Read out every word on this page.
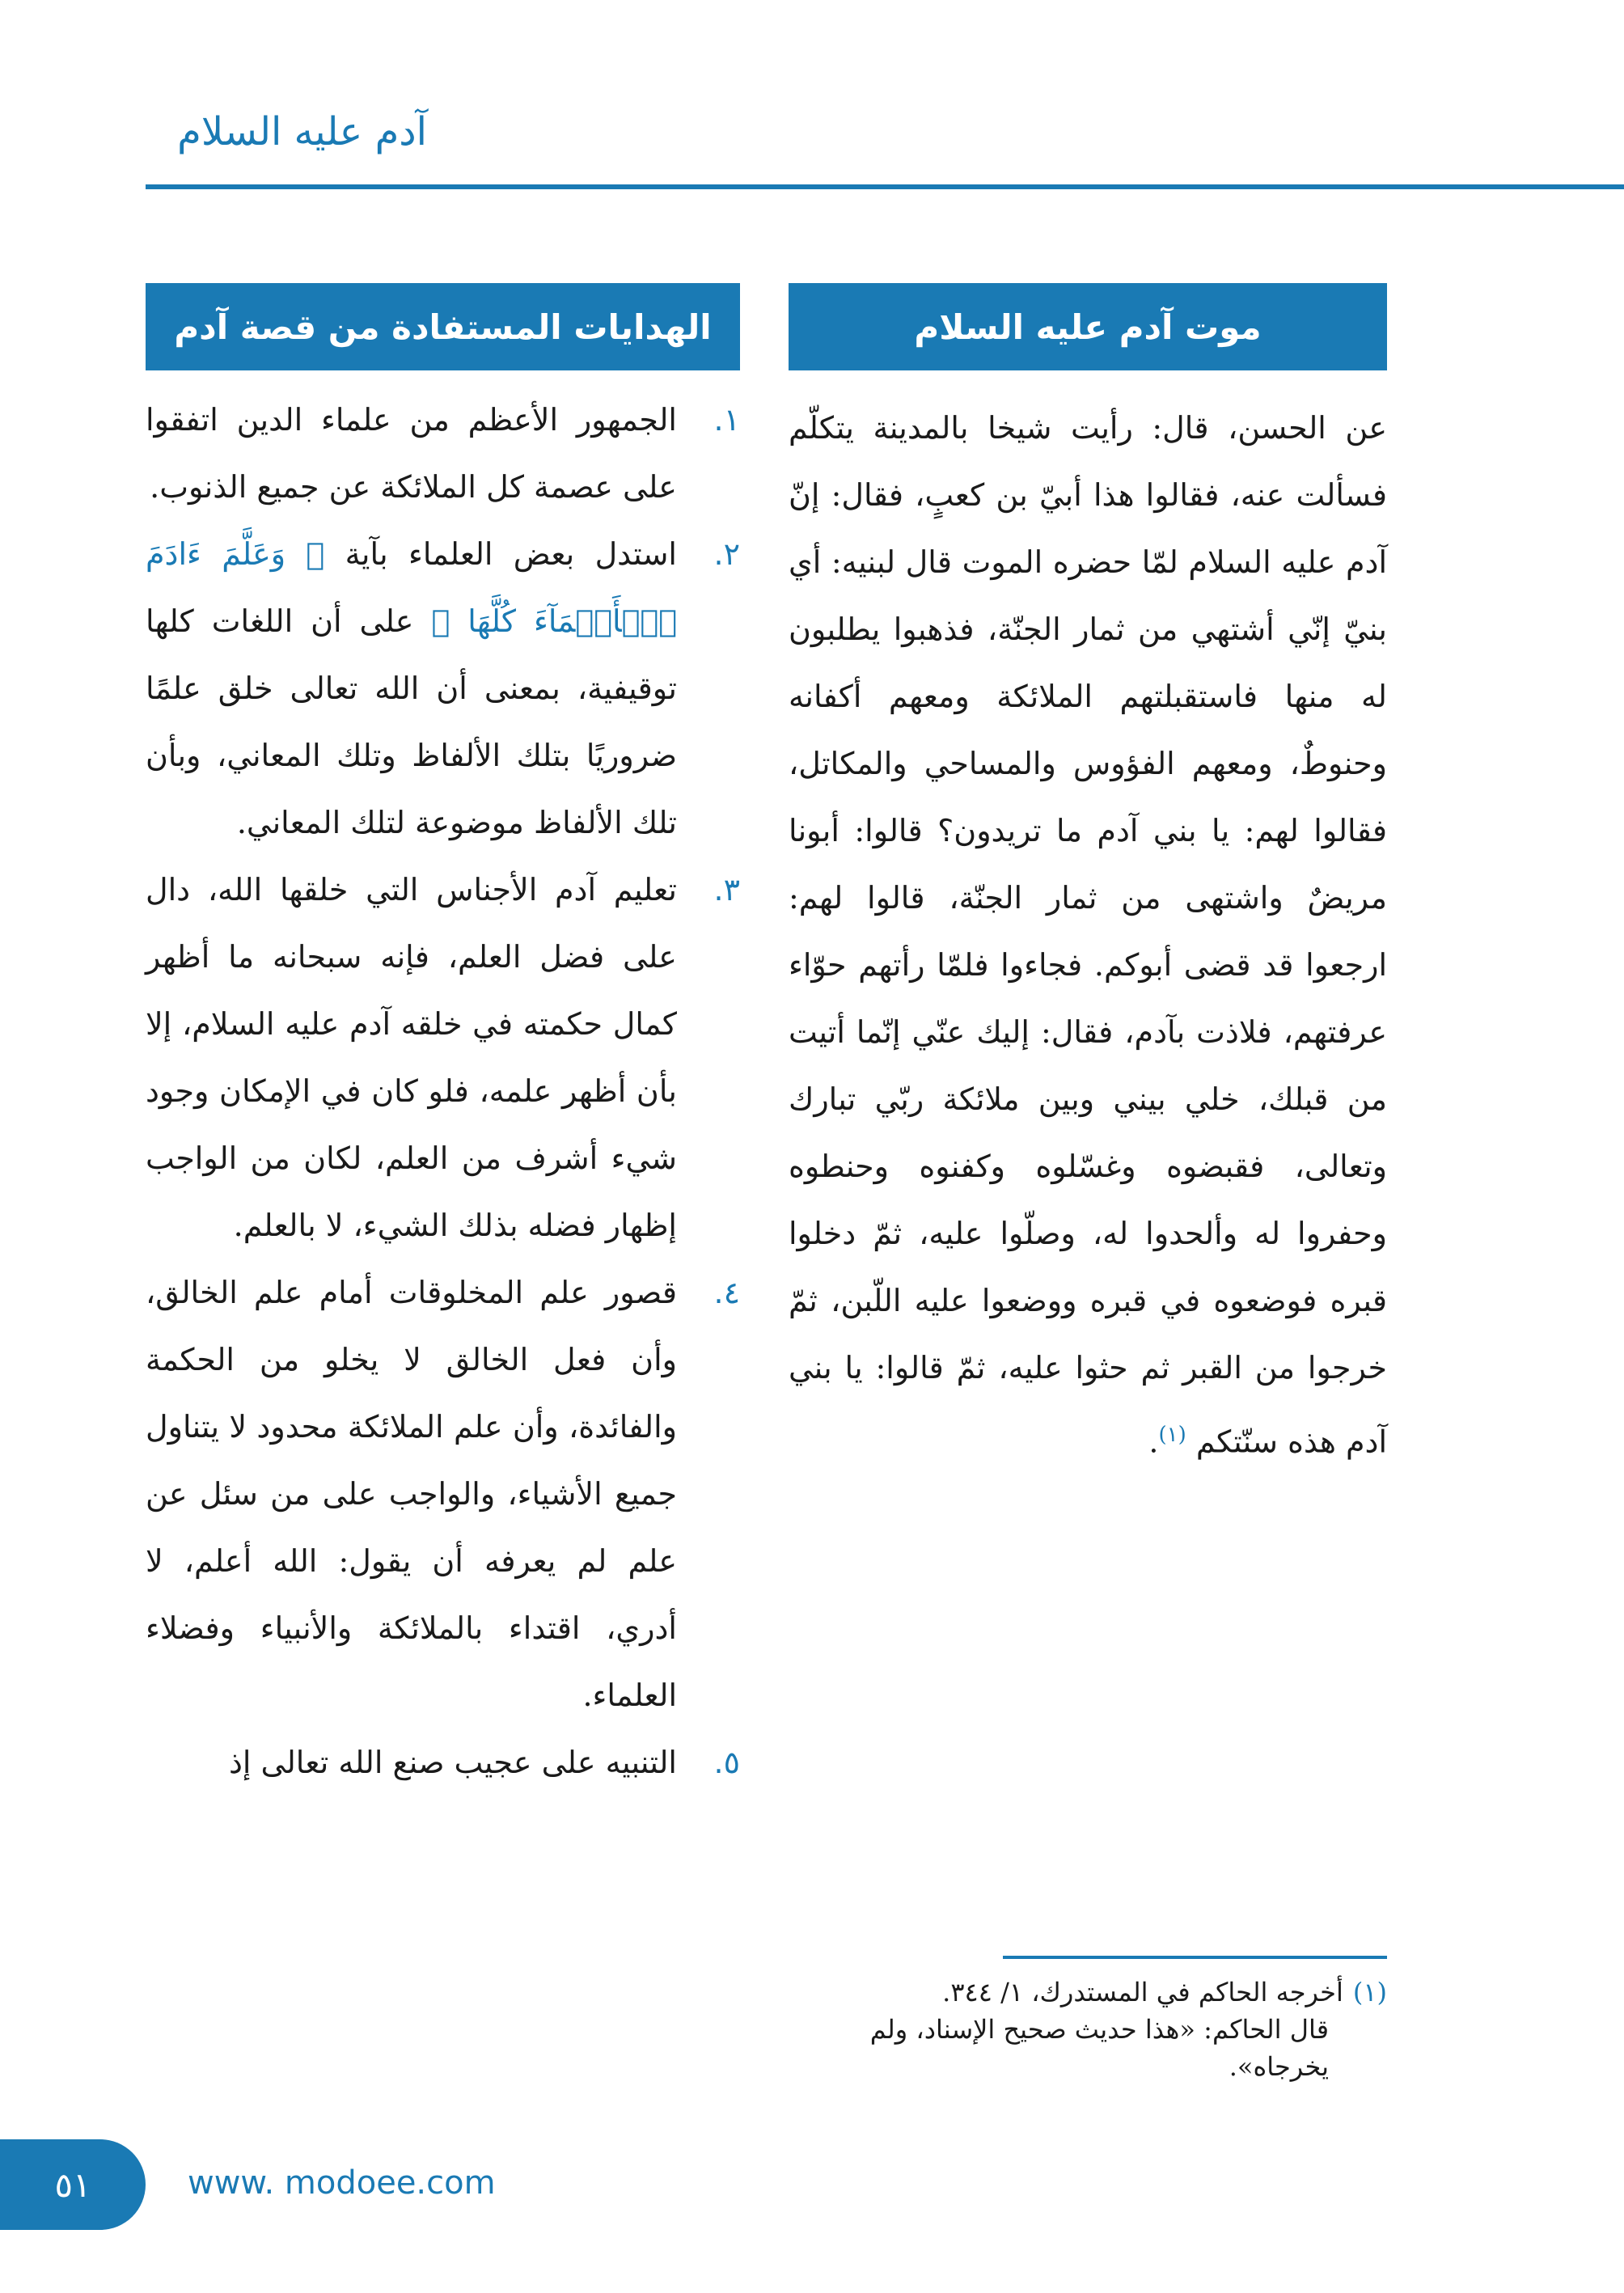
آدم عليه السلام
موت آدم عليه السلام

عن الحسن، قال: رأيت شيخا بالمدينة يتكلّم فسألت عنه، فقالوا هذا أبيّ بن كعبٍ، فقال: إنّ آدم عليه السلام لمّا حضره الموت قال لبنيه: أي بنيّ إنّي أشتهي من ثمار الجنّة، فذهبوا يطلبون له منها فاستقبلتهم الملائكة ومعهم أكفانه وحنوطٌ، ومعهم الفؤوس والمساحي والمكاتل، فقالوا لهم: يا بني آدم ما تريدون؟ قالوا: أبونا مريضٌ واشتهى من ثمار الجنّة، قالوا لهم: ارجعوا قد قضى أبوكم. فجاءوا فلمّا رأتهم حوّاء عرفتهم، فلاذت بآدم، فقال: إليك عنّي إنّما أتيت من قبلك، خلي بيني وبين ملائكة ربّي تبارك وتعالى، فقبضوه وغسّلوه وكفنوه وحنطوه وحفروا له وألحدوا له، وصلّوا عليه، ثمّ دخلوا قبره فوضعوه في قبره ووضعوا عليه اللّبن، ثمّ خرجوا من القبر ثم حثوا عليه، ثمّ قالوا: يا بني آدم هذه سنّتكم $^{(١)}$.

الهدايات المستفادة من قصة آدم
١.
الجمهور الأعظم من علماء الدين اتفقوا على عصمة كل الملائكة عن جميع الذنوب.
٢.
استدل بعض العلماء بآية ﴿ وَعَلَّمَ ءَادَمَ ٱلۡأَسۡمَآءَ كُلَّهَا ﴾ على أن اللغات كلها توقيفية، بمعنى أن الله تعالى خلق علمًا ضروريًا بتلك الألفاظ وتلك المعاني، وبأن تلك الألفاظ موضوعة لتلك المعاني.
٣.
تعليم آدم الأجناس التي خلقها الله، دال على فضل العلم، فإنه سبحانه ما أظهر كمال حكمته في خلقه آدم عليه السلام، إلا بأن أظهر علمه، فلو كان في الإمكان وجود شيء أشرف من العلم، لكان من الواجب إظهار فضله بذلك الشيء، لا بالعلم.
٤.
قصور علم المخلوقات أمام علم الخالق، وأن فعل الخالق لا يخلو من الحكمة والفائدة، وأن علم الملائكة محدود لا يتناول جميع الأشياء، والواجب على من سئل عن علم لم يعرفه أن يقول: الله أعلم، لا أدري، اقتداء بالملائكة والأنبياء وفضلاء العلماء.
٥.
التنبيه على عجيب صنع الله تعالى إذ
(١)أخرجه الحاكم في المستدرك، ١/ ٣٤٤.
قال الحاكم: «هذا حديث صحيح الإسناد، ولم يخرجاه».
٥١	www. modoee.com
